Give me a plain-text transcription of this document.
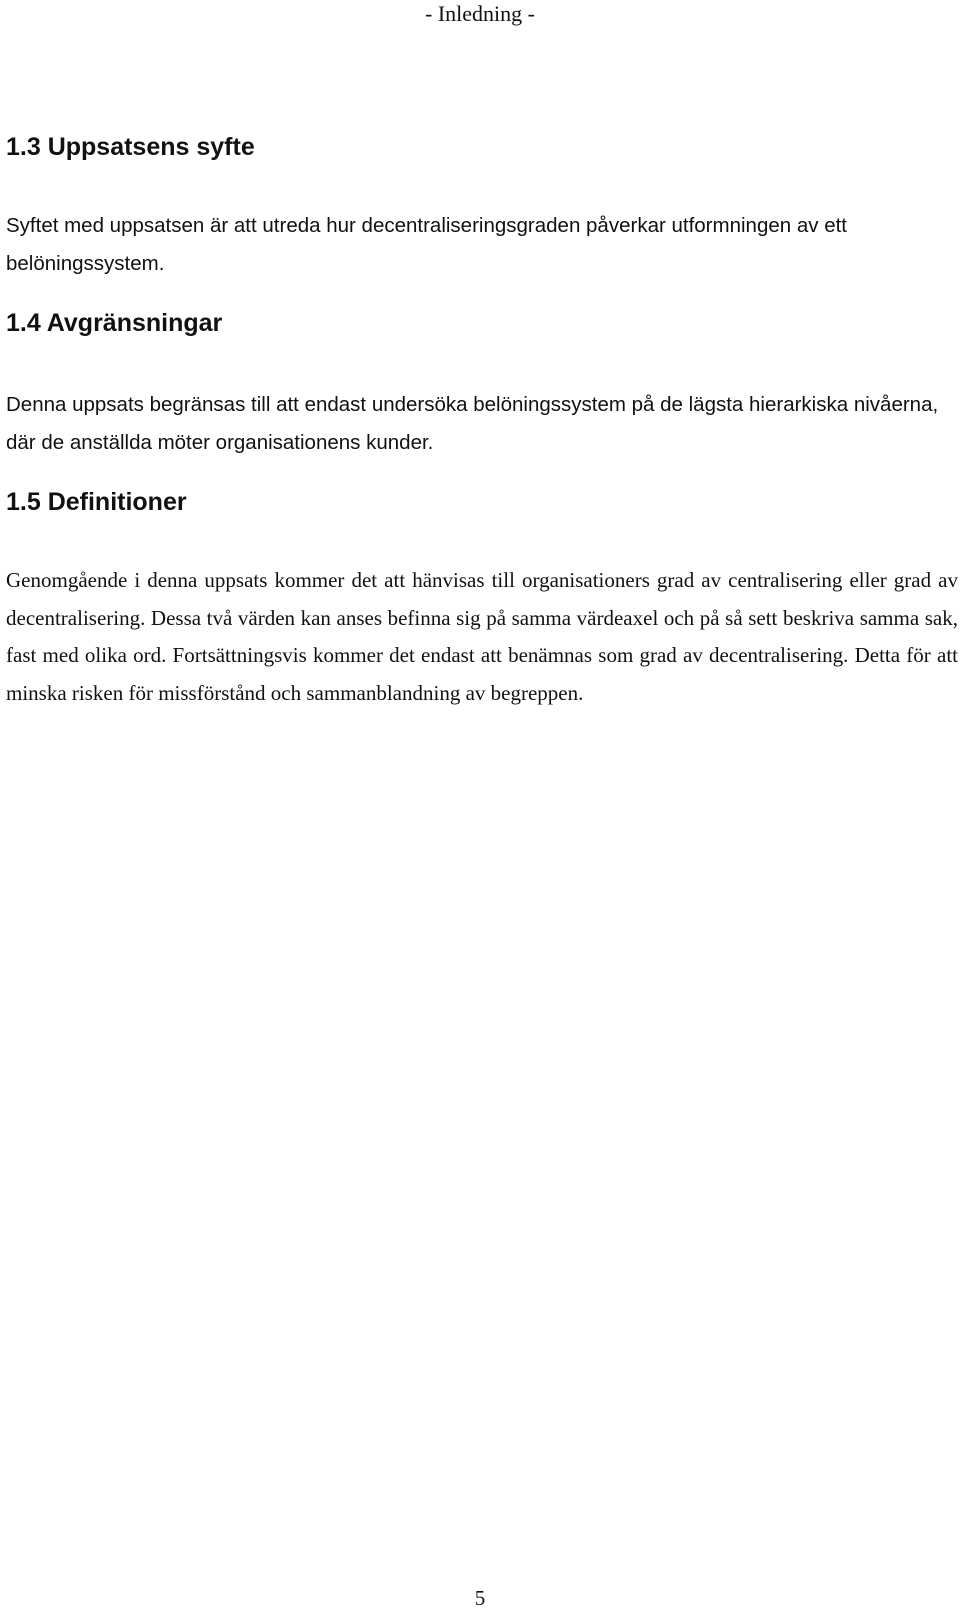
- Inledning -
1.3 Uppsatsens syfte

Syftet med uppsatsen är att utreda hur decentraliseringsgraden påverkar utformningen av ett belöningssystem.

1.4 Avgränsningar

Denna uppsats begränsas till att endast undersöka belöningssystem på de lägsta hierarkiska nivåerna, där de anställda möter organisationens kunder.

1.5 Definitioner

Genomgående i denna uppsats kommer det att hänvisas till organisationers grad av centralisering eller grad av decentralisering. Dessa två värden kan anses befinna sig på samma värdeaxel och på så sett beskriva samma sak, fast med olika ord. Fortsättningsvis kommer det endast att benämnas som grad av decentralisering. Detta för att minska risken för missförstånd och sammanblandning av begreppen.

5
